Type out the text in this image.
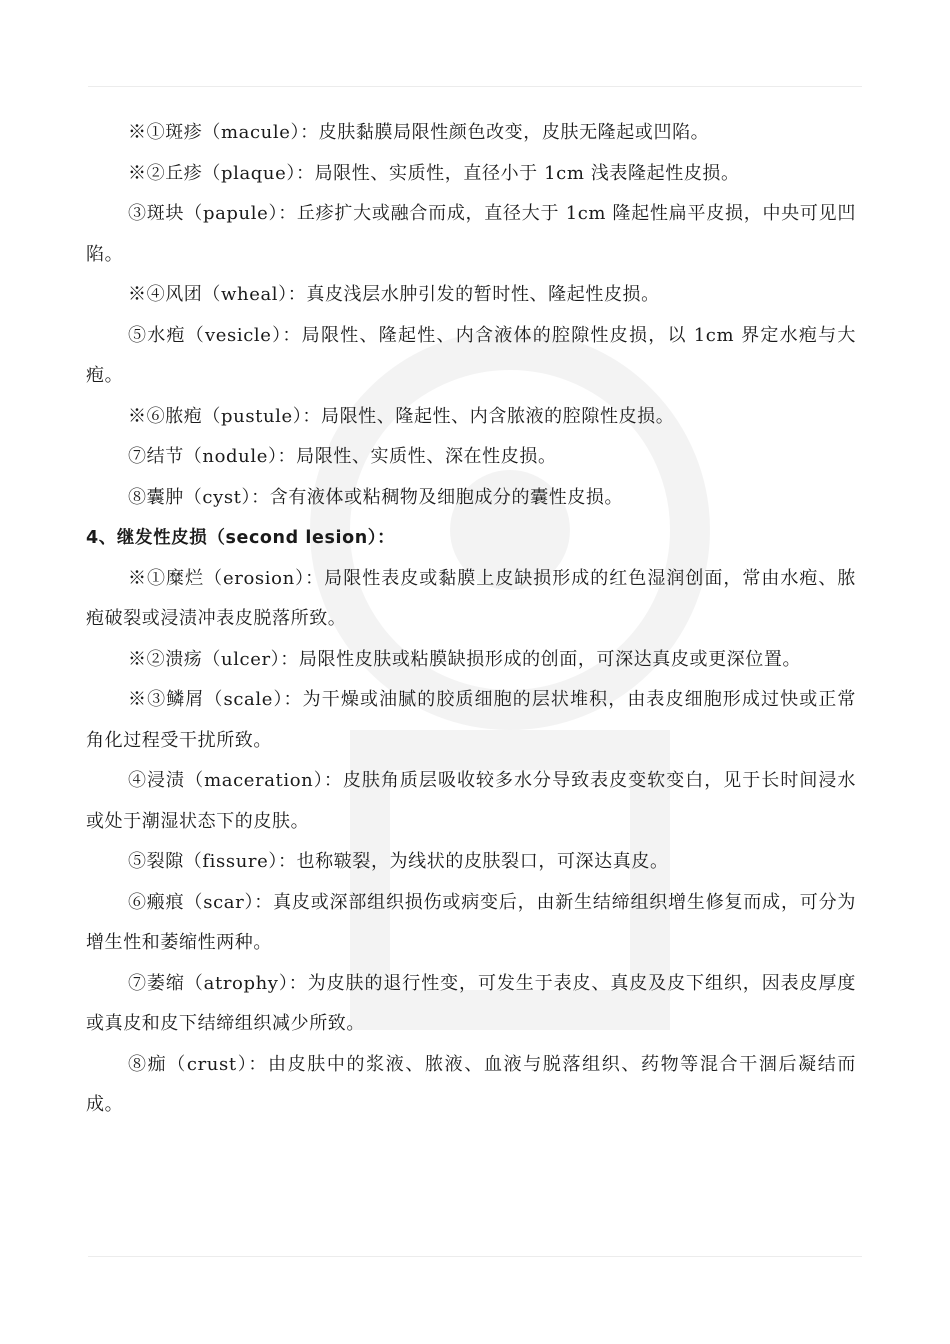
※①斑疹（macule）：皮肤黏膜局限性颜色改变，皮肤无隆起或凹陷。

※②丘疹（plaque）：局限性、实质性，直径小于 1cm 浅表隆起性皮损。

③斑块（papule）：丘疹扩大或融合而成，直径大于 1cm 隆起性扁平皮损，中央可见凹陷。

※④风团（wheal）：真皮浅层水肿引发的暂时性、隆起性皮损。

⑤水疱（vesicle）：局限性、隆起性、内含液体的腔隙性皮损，以 1cm 界定水疱与大疱。

※⑥脓疱（pustule）：局限性、隆起性、内含脓液的腔隙性皮损。

⑦结节（nodule）：局限性、实质性、深在性皮损。

⑧囊肿（cyst）：含有液体或粘稠物及细胞成分的囊性皮损。

4、继发性皮损（second lesion）：

※①糜烂（erosion）：局限性表皮或黏膜上皮缺损形成的红色湿润创面，常由水疱、脓疱破裂或浸渍冲表皮脱落所致。

※②溃疡（ulcer）：局限性皮肤或粘膜缺损形成的创面，可深达真皮或更深位置。

※③鳞屑（scale）：为干燥或油腻的胶质细胞的层状堆积，由表皮细胞形成过快或正常角化过程受干扰所致。

④浸渍（maceration）：皮肤角质层吸收较多水分导致表皮变软变白，见于长时间浸水或处于潮湿状态下的皮肤。

⑤裂隙（fissure）：也称皲裂，为线状的皮肤裂口，可深达真皮。

⑥瘢痕（scar）：真皮或深部组织损伤或病变后，由新生结缔组织增生修复而成，可分为增生性和萎缩性两种。

⑦萎缩（atrophy）：为皮肤的退行性变，可发生于表皮、真皮及皮下组织，因表皮厚度或真皮和皮下结缔组织减少所致。

⑧痂（crust）：由皮肤中的浆液、脓液、血液与脱落组织、药物等混合干涸后凝结而成。
